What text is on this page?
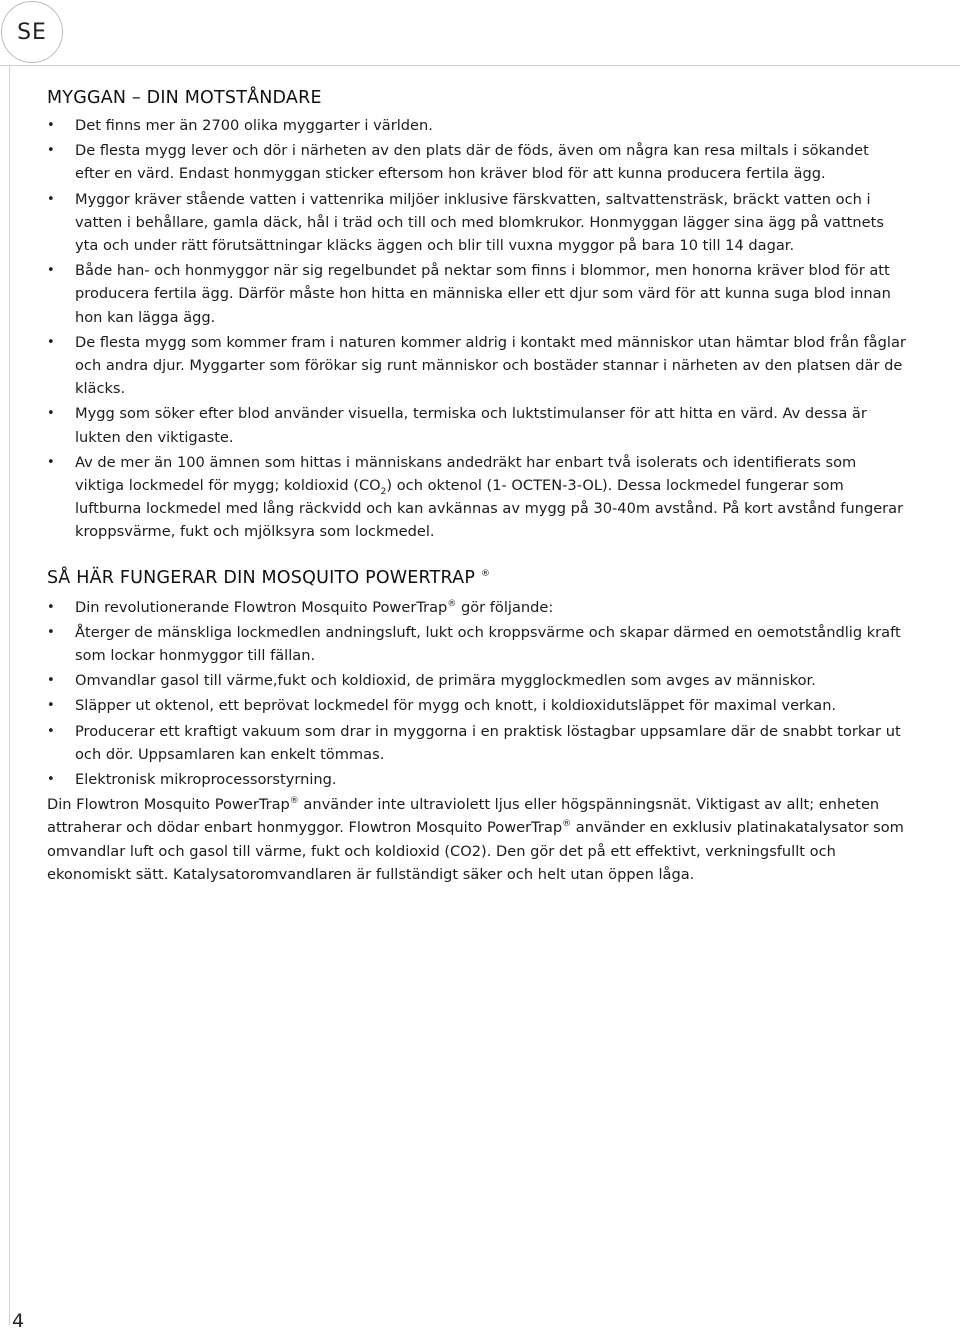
SE
MYGGAN – DIN MOTSTÅNDARE
• Det finns mer än 2700 olika myggarter i världen.
• De flesta mygg lever och dör i närheten av den plats där de föds, även om några kan resa miltals i sökandet efter en värd. Endast honmyggan sticker eftersom hon kräver blod för att kunna producera fertila ägg.
• Myggor kräver stående vatten i vattenrika miljöer inklusive färskvatten, saltvattensträsk, bräckt vatten och i vatten i behållare, gamla däck, hål i träd och till och med blomkrukor. Honmyggan lägger sina ägg på vattnets yta och under rätt förutsättningar kläcks äggen och blir till vuxna myggor på bara 10 till 14 dagar.
• Både han- och honmyggor när sig regelbundet på nektar som finns i blommor, men honorna kräver blod för att producera fertila ägg. Därför måste hon hitta en människa eller ett djur som värd för att kunna suga blod innan hon kan lägga ägg.
• De flesta mygg som kommer fram i naturen kommer aldrig i kontakt med människor utan hämtar blod från fåglar och andra djur. Myggarter som förökar sig runt människor och bostäder stannar i närheten av den platsen där de kläcks.
• Mygg som söker efter blod använder visuella, termiska och luktstimulanser för att hitta en värd. Av dessa är lukten den viktigaste.
• Av de mer än 100 ämnen som hittas i människans andedräkt har enbart två isolerats och identifierats som viktiga lockmedel för mygg; koldioxid $(CO_2)$ och oktenol (1- OCTEN-3-OL). Dessa lockmedel fungerar som luftburna lockmedel med lång räckvidd och kan avkännas av mygg på 30-40m avstånd. På kort avstånd fungerar kroppsvärme, fukt och mjölksyra som lockmedel.
SÅ HÄR FUNGERAR DIN MOSQUITO POWERTRAP ®
• Din revolutionerande Flowtron Mosquito PowerTrap® gör följande:
• Återger de mänskliga lockmedlen andningsluft, lukt och kroppsvärme och skapar därmed en oemotståndlig kraft som lockar honmyggor till fällan.
• Omvandlar gasol till värme,fukt och koldioxid, de primära mygglockmedlen som avges av människor.
• Släpper ut oktenol, ett beprövat lockmedel för mygg och knott, i koldioxidutsläppet för maximal verkan.
• Producerar ett kraftigt vakuum som drar in myggorna i en praktisk löstagbar uppsamlare där de snabbt torkar ut och dör. Uppsamlaren kan enkelt tömmas.
• Elektronisk mikroprocessorstyrning.

Din Flowtron Mosquito PowerTrap® använder inte ultraviolett ljus eller högspänningsnät. Viktigast av allt; enheten attraherar och dödar enbart honmyggor. Flowtron Mosquito PowerTrap® använder en exklusiv platinakatalysator som omvandlar luft och gasol till värme, fukt och koldioxid (CO2). Den gör det på ett effektivt, verkningsfullt och ekonomiskt sätt. Katalysatoromvandlaren är fullständigt säker och helt utan öppen låga.

4
